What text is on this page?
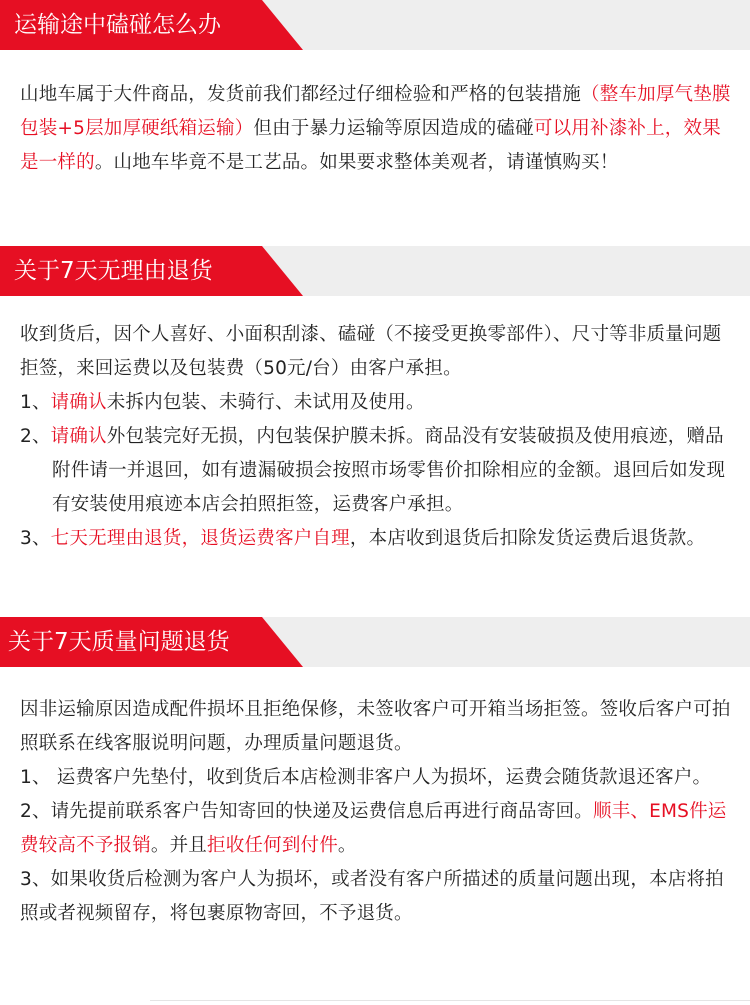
运输途中磕碰怎么办

山地车属于大件商品，发货前我们都经过仔细检验和严格的包装措施（整车加厚气垫膜包装+5层加厚硬纸箱运输）但由于暴力运输等原因造成的磕碰可以用补漆补上，效果是一样的。山地车毕竟不是工艺品。如果要求整体美观者，请谨慎购买！

关于7天无理由退货

收到货后，因个人喜好、小面积刮漆、磕碰（不接受更换零部件）、尺寸等非质量问题拒签，来回运费以及包装费（50元/台）由客户承担。

1、请确认未拆内包装、未骑行、未试用及使用。

2、请确认外包装完好无损，内包装保护膜未拆。商品没有安装破损及使用痕迹，赠品附件请一并退回，如有遗漏破损会按照市场零售价扣除相应的金额。退回后如发现有安装使用痕迹本店会拍照拒签，运费客户承担。

3、七天无理由退货，退货运费客户自理，本店收到退货后扣除发货运费后退货款。

关于7天质量问题退货

因非运输原因造成配件损坏且拒绝保修，未签收客户可开箱当场拒签。签收后客户可拍照联系在线客服说明问题，办理质量问题退货。

1、 运费客户先垫付，收到货后本店检测非客户人为损坏，运费会随货款退还客户。

2、请先提前联系客户告知寄回的快递及运费信息后再进行商品寄回。顺丰、EMS件运费较高不予报销。并且拒收任何到付件。

3、如果收货后检测为客户人为损坏，或者没有客户所描述的质量问题出现，本店将拍照或者视频留存，将包裹原物寄回，不予退货。
